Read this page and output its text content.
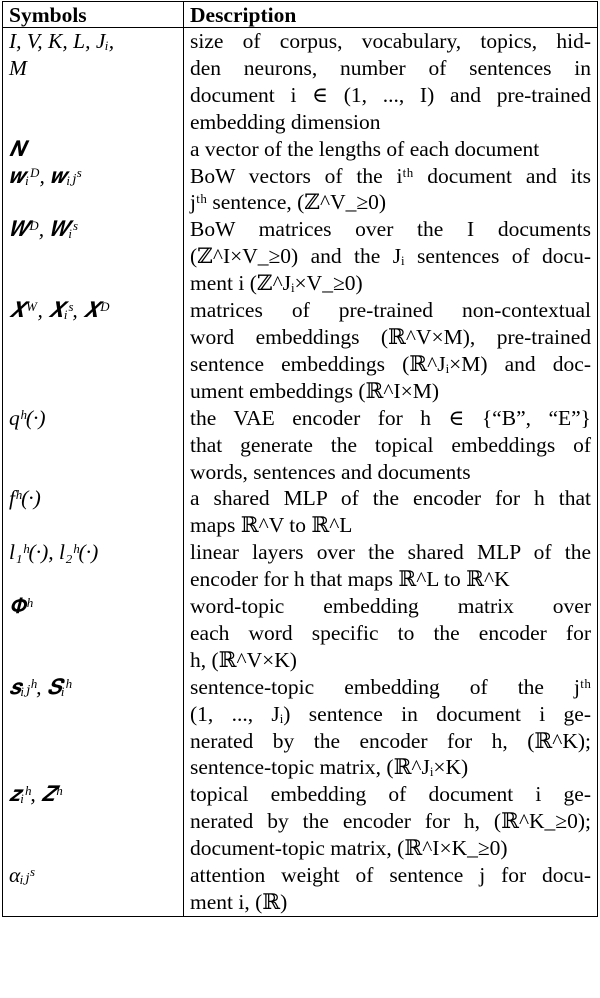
Symbols	Description

I, V, K, L, Jᵢ,
M	size of corpus, vocabulary, topics, hid-
den neurons, number of sentences in
document i ∈ (1, ..., I) and pre-trained
embedding dimension

𝑵	a vector of the lengths of each document

𝒘ᵢᴰ, 𝒘ᵢⱼˢ	BoW vectors of the iᵗʰ document and its
jᵗʰ sentence, (ℤ^V_≥0)

𝑾ᴰ, 𝑾ᵢˢ	BoW matrices over the I documents
(ℤ^I×V_≥0) and the Jᵢ sentences of docu-
ment i (ℤ^Jᵢ×V_≥0)

𝑿ᵂ, 𝑿ᵢˢ, 𝑿ᴰ	matrices of pre-trained non-contextual
word embeddings (ℝ^V×M), pre-trained
sentence embeddings (ℝ^Jᵢ×M) and doc-
ument embeddings (ℝ^I×M)

qʰ(·)	the VAE encoder for h ∈ {“B”, “E”}
that generate the topical embeddings of
words, sentences and documents

fʰ(·)	a shared MLP of the encoder for h that
maps ℝ^V to ℝ^L

l₁ʰ(·), l₂ʰ(·)	linear layers over the shared MLP of the
encoder for h that maps ℝ^L to ℝ^K

𝚽ʰ	word-topic embedding matrix over
each word specific to the encoder for
h, (ℝ^V×K)

𝒔ᵢⱼʰ, 𝑺ᵢʰ	sentence-topic embedding of the jᵗʰ
(1, ..., Jᵢ) sentence in document i ge-
nerated by the encoder for h, (ℝ^K);
sentence-topic matrix, (ℝ^Jᵢ×K)

𝒛ᵢʰ, 𝒁ʰ	topical embedding of document i ge-
nerated by the encoder for h, (ℝ^K_≥0);
document-topic matrix, (ℝ^I×K_≥0)

αᵢⱼˢ	attention weight of sentence j for docu-
ment i, (ℝ)
